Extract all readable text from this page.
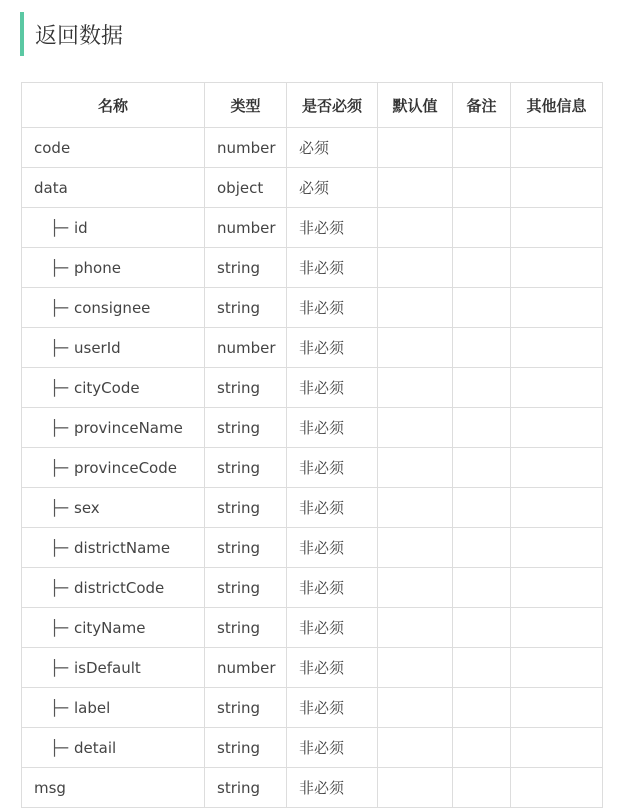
返回数据
名称	类型	是否必须	默认值	备注	其他信息
code	number	必须			
data	object	必须			
├─ id	number	非必须			
├─ phone	string	非必须			
├─ consignee	string	非必须			
├─ userId	number	非必须			
├─ cityCode	string	非必须			
├─ provinceName	string	非必须			
├─ provinceCode	string	非必须			
├─ sex	string	非必须			
├─ districtName	string	非必须			
├─ districtCode	string	非必须			
├─ cityName	string	非必须			
├─ isDefault	number	非必须			
├─ label	string	非必须			
├─ detail	string	非必须			
msg	string	非必须			
